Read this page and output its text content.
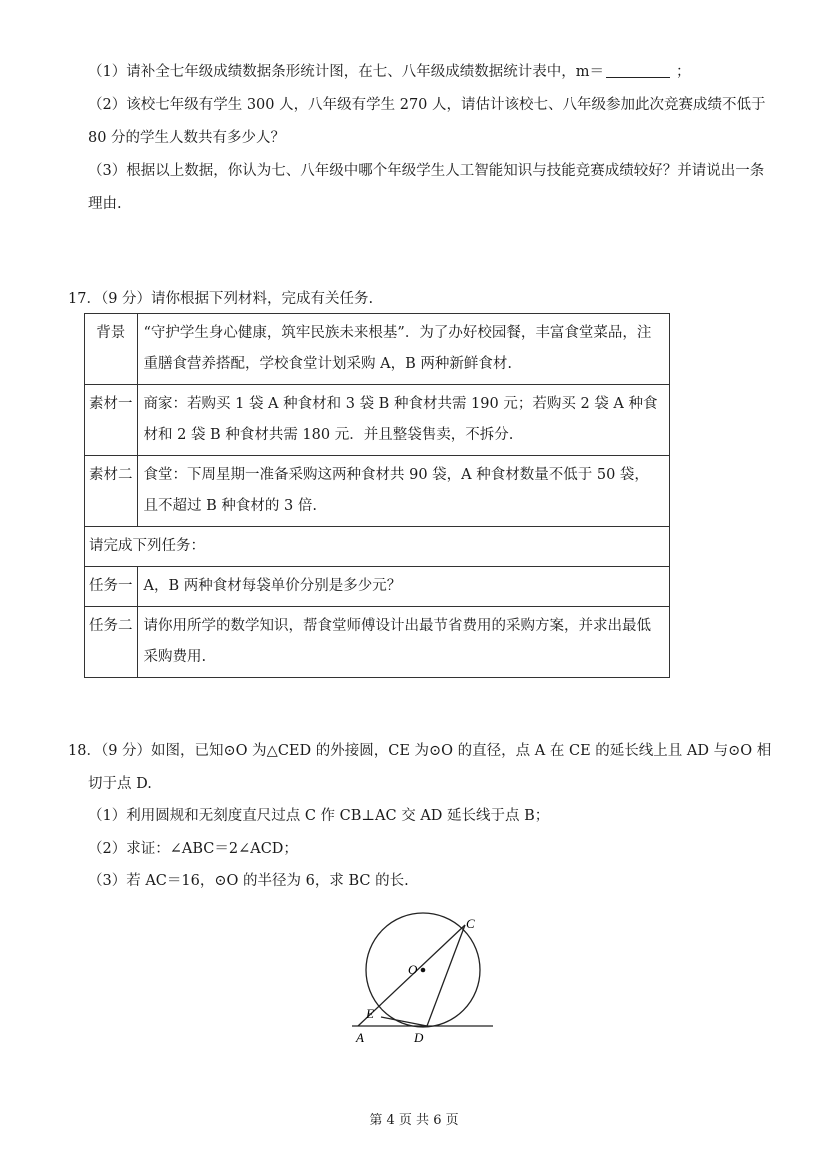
（1）请补全七年级成绩数据条形统计图，在七、八年级成绩数据统计表中，m＝	；
（2）该校七年级有学生 300 人，八年级有学生 270 人，请估计该校七、八年级参加此次竞赛成绩不低于
80 分的学生人数共有多少人？
（3）根据以上数据，你认为七、八年级中哪个年级学生人工智能知识与技能竞赛成绩较好？并请说出一条
理由.
17．（9 分）请你根据下列材料，完成有关任务.
背景	“守护学生身心健康，筑牢民族未来根基”．为了办好校园餐，丰富食堂菜品，注重膳食营养搭配，学校食堂计划采购 A，B 两种新鲜食材.
素材一	商家：若购买 1 袋 A 种食材和 3 袋 B 种食材共需 190 元；若购买 2 袋 A 种食材和 2 袋 B 种食材共需 180 元．并且整袋售卖，不拆分.
素材二	食堂：下周星期一准备采购这两种食材共 90 袋，A 种食材数量不低于 50 袋，且不超过 B 种食材的 3 倍.
请完成下列任务：	
任务一	A，B 两种食材每袋单价分别是多少元？
任务二	请你用所学的数学知识，帮食堂师傅设计出最节省费用的采购方案，并求出最低采购费用.
18．（9 分）如图，已知⊙O 为△CED 的外接圆，CE 为⊙O 的直径，点 A 在 CE 的延长线上且 AD 与⊙O 相
切于点 D.
（1）利用圆规和无刻度直尺过点 C 作 CB⊥AC 交 AD 延长线于点 B；
（2）求证：∠ABC＝2∠ACD；
（3）若 AC＝16，⊙O 的半径为 6，求 BC 的长.
C
O
E
A	D
第 4 页 共 6 页
